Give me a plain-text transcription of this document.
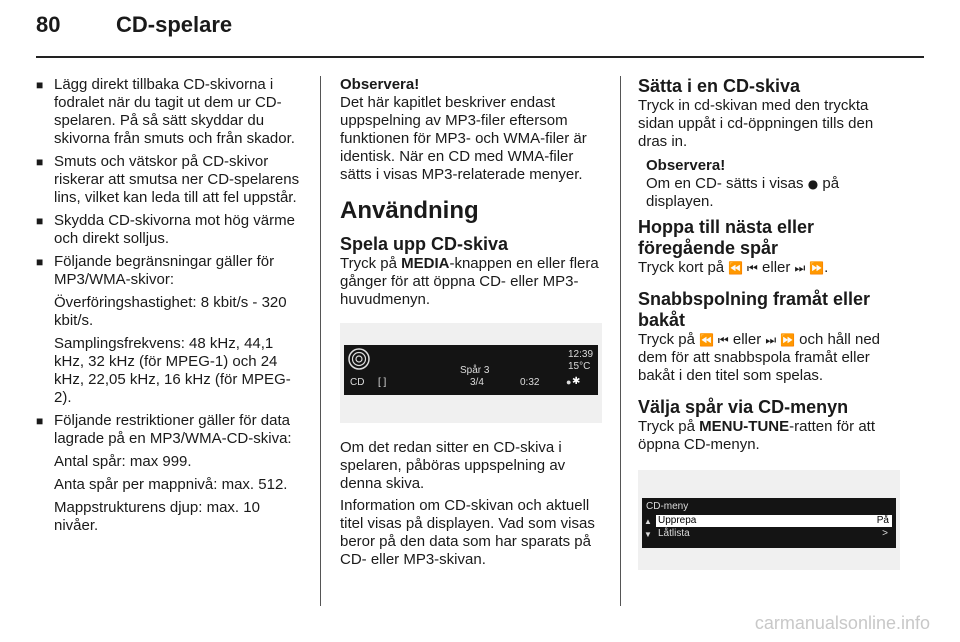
80	CD-spelare
■ Lägg direkt tillbaka CD-skivorna i fodralet när du tagit ut dem ur CD-spelaren. På så sätt skyddar du skivorna från smuts och från skador.
■ Smuts och vätskor på CD-skivor riskerar att smutsa ner CD-spelarens lins, vilket kan leda till att fel uppstår.
■ Skydda CD-skivorna mot hög värme och direkt solljus.
■ Följande begränsningar gäller för MP3/WMA-skivor:
Överföringshastighet: 8 kbit/s - 320 kbit/s.
Samplingsfrekvens: 48 kHz, 44,1 kHz, 32 kHz (för MPEG-1) och 24 kHz, 22,05 kHz, 16 kHz (för MPEG-2).
■ Följande restriktioner gäller för data lagrade på en MP3/WMA-CD-skiva:
Antal spår: max 999.
Anta spår per mappnivå: max. 512.
Mappstrukturens djup: max. 10 nivåer.
Observera!
Det här kapitlet beskriver endast uppspelning av MP3-filer eftersom funktionen för MP3- och WMA-filer är identisk. När en CD med WMA-filer sätts i visas MP3-relaterade menyer.
Användning
Spela upp CD-skiva
Tryck på MEDIA-knappen en eller flera gånger för att öppna CD- eller MP3-huvudmenyn.
CD [ ]
Spår 3
3/4	0:32
12:39
15°C
● ✱
Om det redan sitter en CD-skiva i spelaren, påböras uppspelning av denna skiva.
Information om CD-skivan och aktuell titel visas på displayen. Vad som visas beror på den data som har sparats på CD- eller MP3-skivan.
Sätta i en CD-skiva
Tryck in cd-skivan med den tryckta sidan uppåt i cd-öppningen tills den dras in.
Observera!
Om en CD- sätts i visas ● på displayen.
Hoppa till nästa eller föregående spår
Tryck kort på ⏪ ⏮ eller ⏭ ⏩.
Snabbspolning framåt eller bakåt
Tryck på ⏪ ⏮ eller ⏭ ⏩ och håll ned dem för att snabbspola framåt eller bakåt i den titel som spelas.
Välja spår via CD-menyn
Tryck på MENU-TUNE-ratten för att öppna CD-menyn.
CD-meny
▲ Upprepa	På
▼ Låtlista	>
carmanualsonline.info
